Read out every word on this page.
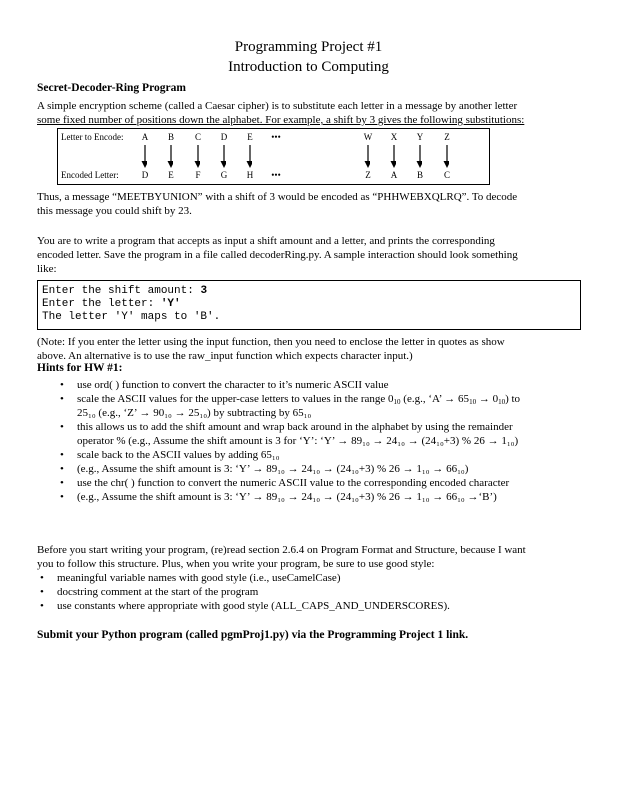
Programming Project #1
Introduction to Computing
Secret-Decoder-Ring Program
A simple encryption scheme (called a Caesar cipher) is to substitute each letter in a message by another letter
some fixed number of positions down the alphabet. For example, a shift by 3 gives the following substitutions:
Letter to Encode:
Encoded Letter:
A
D
B
E
C
F
D
G
E
H
•••
•••
W
Z
X
A
Y
B
Z
C
Thus, a message “MEETBYUNION” with a shift of 3 would be encoded as “PHHWEBXQLRQ”. To decode
this message you could shift by 23.
You are to write a program that accepts as input a shift amount and a letter, and prints the corresponding
encoded letter. Save the program in a file called decoderRing.py. A sample interaction should look something
like:
Enter the shift amount: 3
Enter the letter: 'Y'
The letter 'Y' maps to 'B'.
(Note: If you enter the letter using the input function, then you need to enclose the letter in quotes as show
above. An alternative is to use the raw_input function which expects character input.)
Hints for HW #1:
• use ord( ) function to convert the character to it’s numeric ASCII value
• scale the ASCII values for the upper-case letters to values in the range $0_{10}$ (e.g., ‘A’ → $65_{10} \to 0_{10}$) to
25₁₀ (e.g., ‘Z’ → 90₁₀ → 25₁₀) by subtracting by 65₁₀
• this allows us to add the shift amount and wrap back around in the alphabet by using the remainder
operator % (e.g., Assume the shift amount is 3 for ‘Y’: ‘Y’ → 89₁₀ → 24₁₀ → (24₁₀+3) % 26 → 1₁₀)
• scale back to the ASCII values by adding 65₁₀
• (e.g., Assume the shift amount is 3: ‘Y’ → 89₁₀ → 24₁₀ → (24₁₀+3) % 26 → 1₁₀ → 66₁₀)
• use the chr( ) function to convert the numeric ASCII value to the corresponding encoded character
• (e.g., Assume the shift amount is 3: ‘Y’ → 89₁₀ → 24₁₀ → (24₁₀+3) % 26 → 1₁₀ → 66₁₀ →‘B’)
Before you start writing your program, (re)read section 2.6.4 on Program Format and Structure, because I want
you to follow this structure. Plus, when you write your program, be sure to use good style:
• meaningful variable names with good style (i.e., useCamelCase)
• docstring comment at the start of the program
• use constants where appropriate with good style (ALL_CAPS_AND_UNDERSCORES).
Submit your Python program (called pgmProj1.py) via the Programming Project 1 link.
